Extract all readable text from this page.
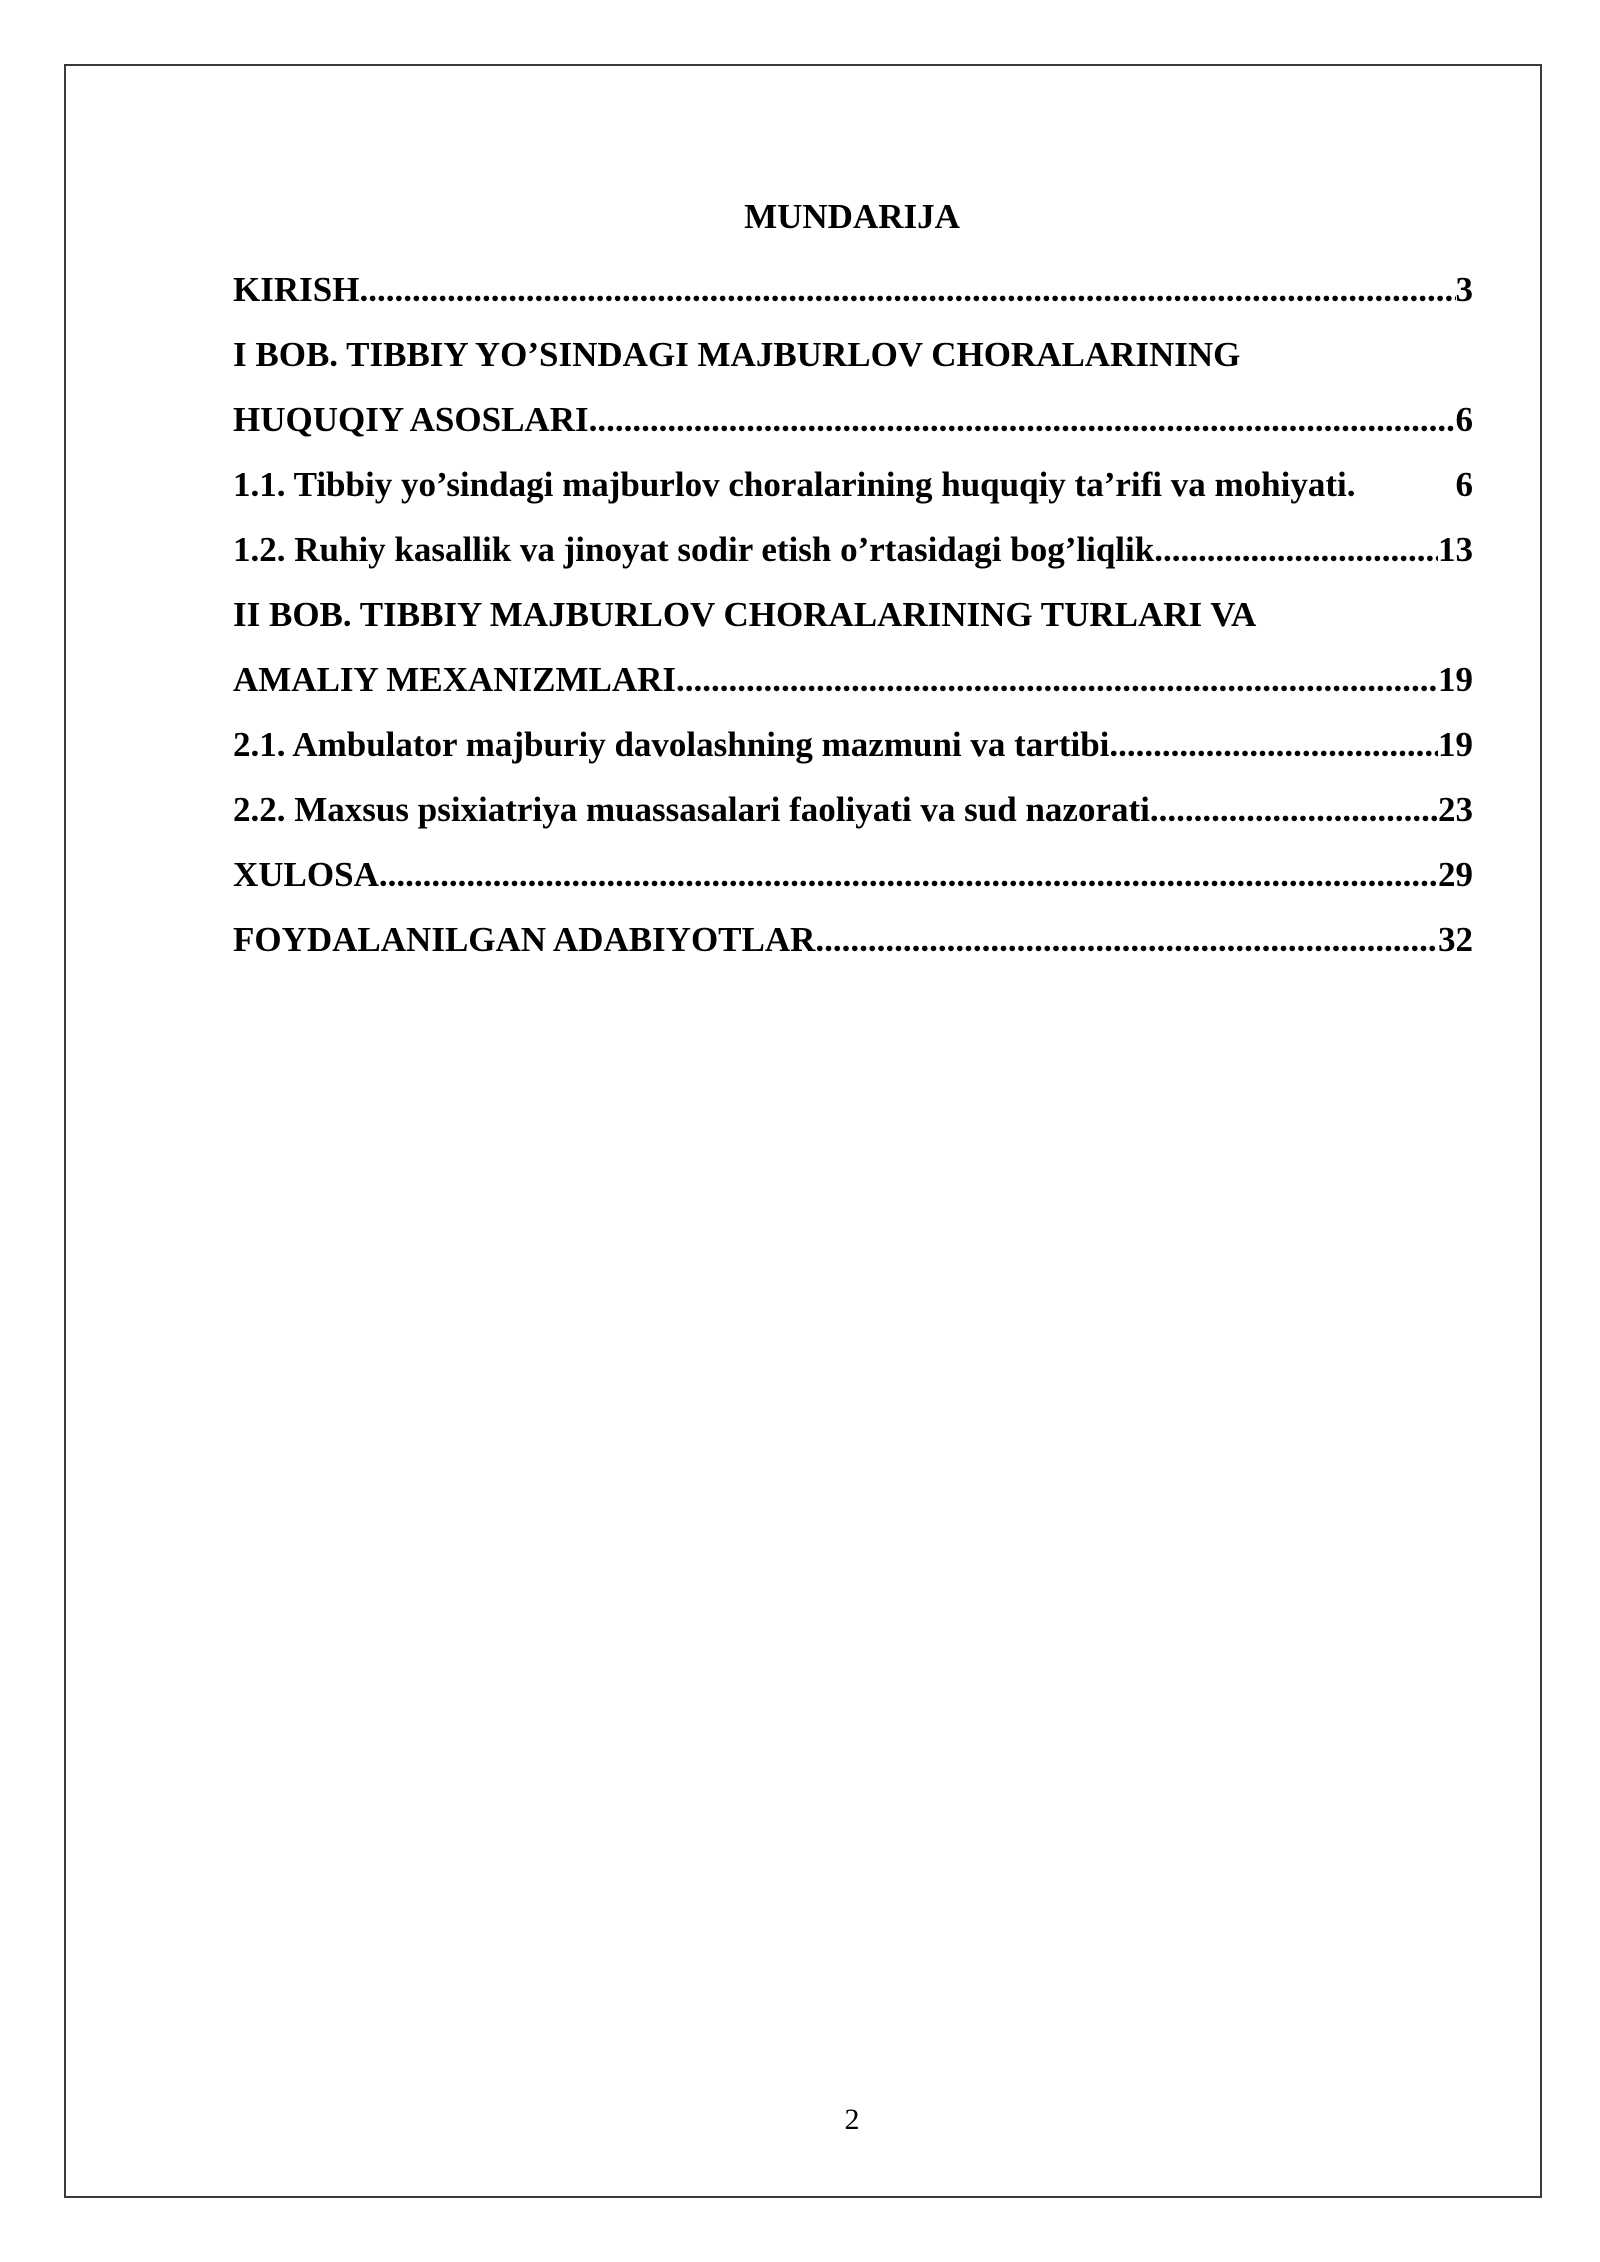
MUNDARIJA
KIRISH .....	3
I BOB. TIBBIY YO’SINDAGI MAJBURLOV CHORALARINING
HUQUQIY ASOSLARI .....	6
1.1. Tibbiy yo’sindagi majburlov choralarining huquqiy ta’rifi va mohiyati.	6
1.2. Ruhiy kasallik va jinoyat sodir etish o’rtasidagi bog’liqlik .....	13
II BOB. TIBBIY MAJBURLOV CHORALARINING TURLARI VA
AMALIY MEXANIZMLARI .....	19
2.1. Ambulator majburiy davolashning mazmuni va tartibi .....	19
2.2. Maxsus psixiatriya muassasalari faoliyati va sud nazorati .....	23
XULOSA .....	29
FOYDALANILGAN ADABIYOTLAR .....	32
2
